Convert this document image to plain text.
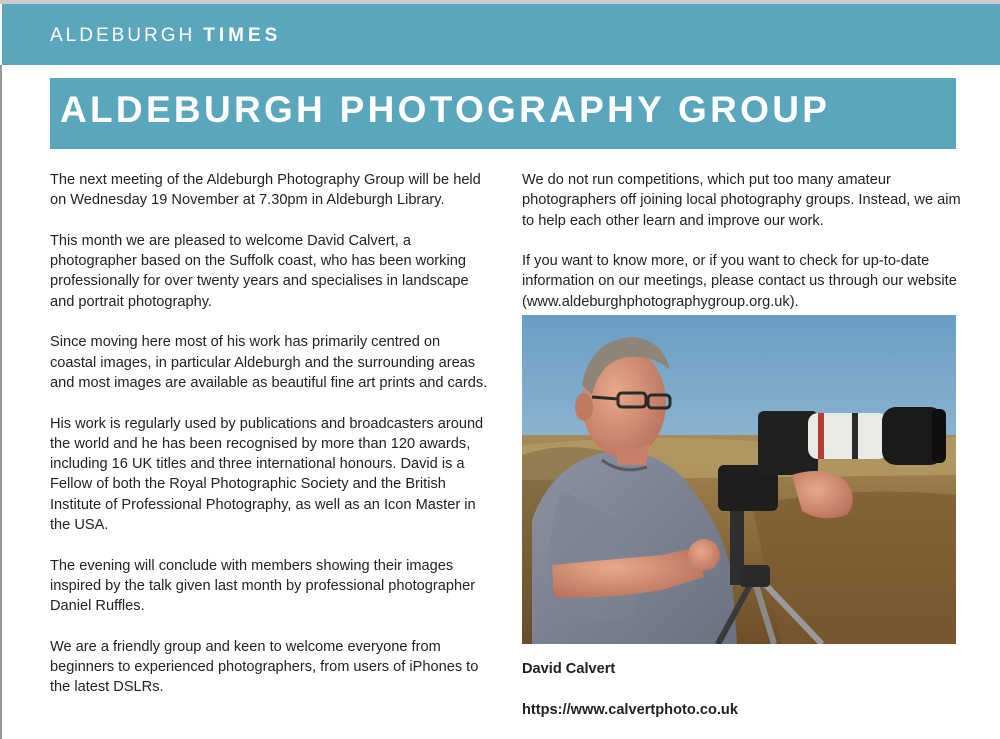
ALDEBURGH TIMES
ALDEBURGH PHOTOGRAPHY GROUP

The next meeting of the Aldeburgh Photography Group will be held on Wednesday 19 November at 7.30pm in Aldeburgh Library.

This month we are pleased to welcome David Calvert, a photographer based on the Suffolk coast, who has been working professionally for over twenty years and specialises in landscape and portrait photography.

Since moving here most of his work has primarily centred on coastal images, in particular Aldeburgh and the surrounding areas and most images are available as beautiful fine art prints and cards.

His work is regularly used by publications and broadcasters around the world and he has been recognised by more than 120 awards, including 16 UK titles and three international honours. David is a Fellow of both the Royal Photographic Society and the British Institute of Professional Photography, as well as an Icon Master in the USA.

The evening will conclude with members showing their images inspired by the talk given last month by professional photographer Daniel Ruffles.

We are a friendly group and keen to welcome everyone from beginners to experienced photographers, from users of iPhones to the latest DSLRs.

We do not run competitions, which put too many amateur photographers off joining local photography groups. Instead, we aim to help each other learn and improve our work.

If you want to know more, or if you want to check for up-to-date information on our meetings, please contact us through our website (www.aldeburghphotographygroup.org.uk).

David Calvert
https://www.calvertphoto.co.uk
